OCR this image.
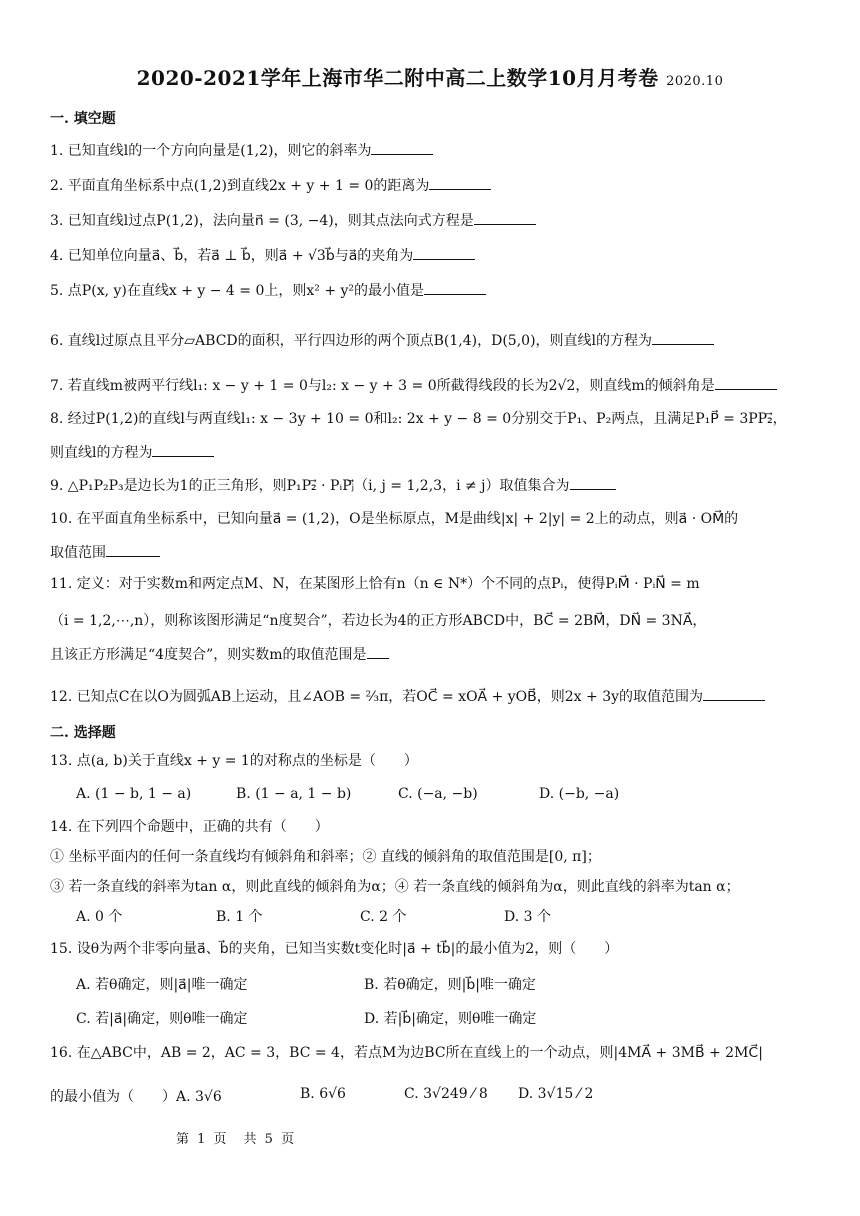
2020-2021学年上海市华二附中高二上数学10月月考卷 2020.10
一. 填空题
1. 已知直线l的一个方向向量是(1,2)，则它的斜率为
2. 平面直角坐标系中点(1,2)到直线2x + y + 1 = 0的距离为
3. 已知直线l过点P(1,2)，法向量n⃗ = (3, −4)，则其点法向式方程是
4. 已知单位向量a⃗、b⃗，若a⃗ ⊥ b⃗，则a⃗ + √3b⃗与a⃗的夹角为
5. 点P(x, y)在直线x + y − 4 = 0上，则x² + y²的最小值是
6. 直线l过原点且平分▱ABCD的面积，平行四边形的两个顶点B(1,4)，D(5,0)，则直线l的方程为
7. 若直线m被两平行线l₁: x − y + 1 = 0与l₂: x − y + 3 = 0所截得线段的长为2√2，则直线m的倾斜角是
8. 经过P(1,2)的直线l与两直线l₁: x − 3y + 10 = 0和l₂: 2x + y − 8 = 0分别交于P₁、P₂两点，且满足P₁P⃗ = 3PP₂⃗，
则直线l的方程为
9. △P₁P₂P₃是边长为1的正三角形，则P₁P₂⃗ · PᵢPⱼ⃗（i, j = 1,2,3，i ≠ j）取值集合为
10. 在平面直角坐标系中，已知向量a⃗ = (1,2)，O是坐标原点，M是曲线|x| + 2|y| = 2上的动点，则a⃗ · OM⃗的
取值范围
11. 定义：对于实数m和两定点M、N，在某图形上恰有n（n ∈ N*）个不同的点Pᵢ，使得PᵢM⃗ · PᵢN⃗ = m
（i = 1,2,⋯,n），则称该图形满足“n度契合”，若边长为4的正方形ABCD中，BC⃗ = 2BM⃗，DN⃗ = 3NA⃗，
且该正方形满足“4度契合”，则实数m的取值范围是
12. 已知点C在以O为圆弧AB上运动，且∠AOB = ²⁄₃π，若OC⃗ = xOA⃗ + yOB⃗，则2x + 3y的取值范围为
二. 选择题
13. 点(a, b)关于直线x + y = 1的对称点的坐标是（　　）
A. (1 − b, 1 − a)	B. (1 − a, 1 − b)	C. (−a, −b)	D. (−b, −a)
14. 在下列四个命题中，正确的共有（　　）
① 坐标平面内的任何一条直线均有倾斜角和斜率；② 直线的倾斜角的取值范围是[0, π]；
③ 若一条直线的斜率为tan α，则此直线的倾斜角为α；④ 若一条直线的倾斜角为α，则此直线的斜率为tan α；
A. 0 个	B. 1 个	C. 2 个	D. 3 个
15. 设θ为两个非零向量a⃗、b⃗的夹角，已知当实数t变化时|a⃗ + tb⃗|的最小值为2，则（　　）
A. 若θ确定，则|a⃗|唯一确定	B. 若θ确定，则|b⃗|唯一确定
C. 若|a⃗|确定，则θ唯一确定	D. 若|b⃗|确定，则θ唯一确定
16. 在△ABC中，AB = 2，AC = 3，BC = 4，若点M为边BC所在直线上的一个动点，则|4MA⃗ + 3MB⃗ + 2MC⃗|
的最小值为（　　）A. 3√6	B. 6√6	C. 3√249 ⁄ 8 D. 3√15 ⁄ 2
第 1 页　共 5 页
